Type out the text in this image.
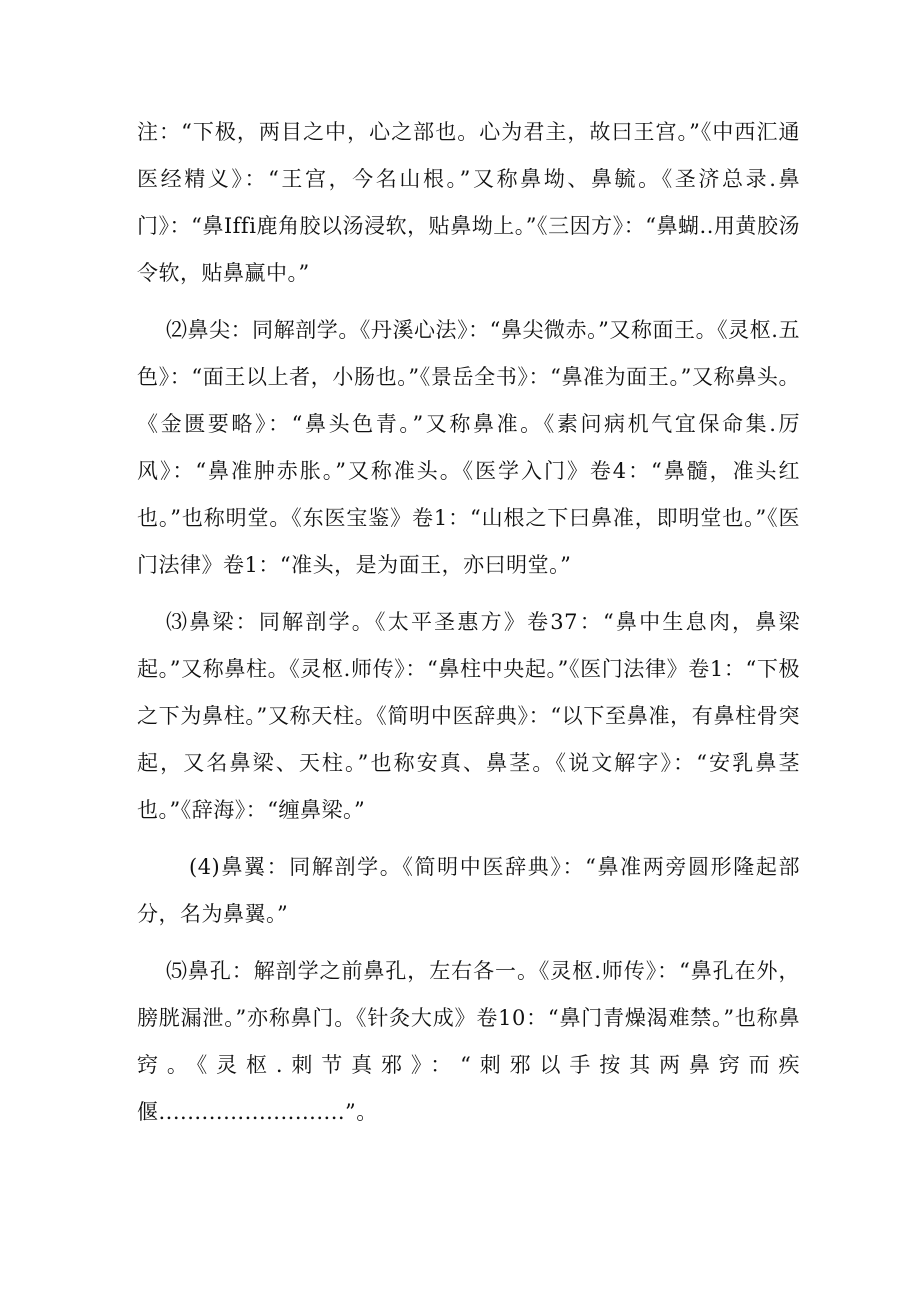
注：“下极，两目之中，心之部也。心为君主，故曰王宫。”《中西汇通医经精义》：“王宫，今名山根。”又称鼻坳、鼻毓。《圣济总录.鼻门》：“鼻Iffi鹿角胶以汤浸软，贴鼻坳上。”《三因方》：“鼻蝴..用黄胶汤令软，贴鼻赢中。”

⑵鼻尖：同解剖学。《丹溪心法》：“鼻尖微赤。”又称面王。《灵枢.五色》：“面王以上者，小肠也。”《景岳全书》：“鼻准为面王。”又称鼻头。《金匮要略》：“鼻头色青。”又称鼻准。《素问病机气宜保命集.厉风》：“鼻准肿赤胀。”又称准头。《医学入门》卷4：“鼻髓，准头红也。”也称明堂。《东医宝鉴》卷1：“山根之下曰鼻准，即明堂也。”《医门法律》卷1：“准头，是为面王，亦曰明堂。”

⑶鼻梁：同解剖学。《太平圣惠方》卷37：“鼻中生息肉，鼻梁起。”又称鼻柱。《灵枢.师传》：“鼻柱中央起。”《医门法律》卷1：“下极之下为鼻柱。”又称天柱。《简明中医辞典》：“以下至鼻准，有鼻柱骨突起，又名鼻梁、天柱。”也称安真、鼻茎。《说文解字》：“安乳鼻茎也。”《辞海》：“缠鼻梁。”

(4)鼻翼：同解剖学。《简明中医辞典》：“鼻准两旁圆形隆起部分，名为鼻翼。”

⑸鼻孔：解剖学之前鼻孔，左右各一。《灵枢.师传》：“鼻孔在外，膀胱漏泄。”亦称鼻门。《针灸大成》卷10：“鼻门青燥渴难禁。”也称鼻窍。《灵枢.刺节真邪》：“刺邪以手按其两鼻窍而疾偃..........................”。
